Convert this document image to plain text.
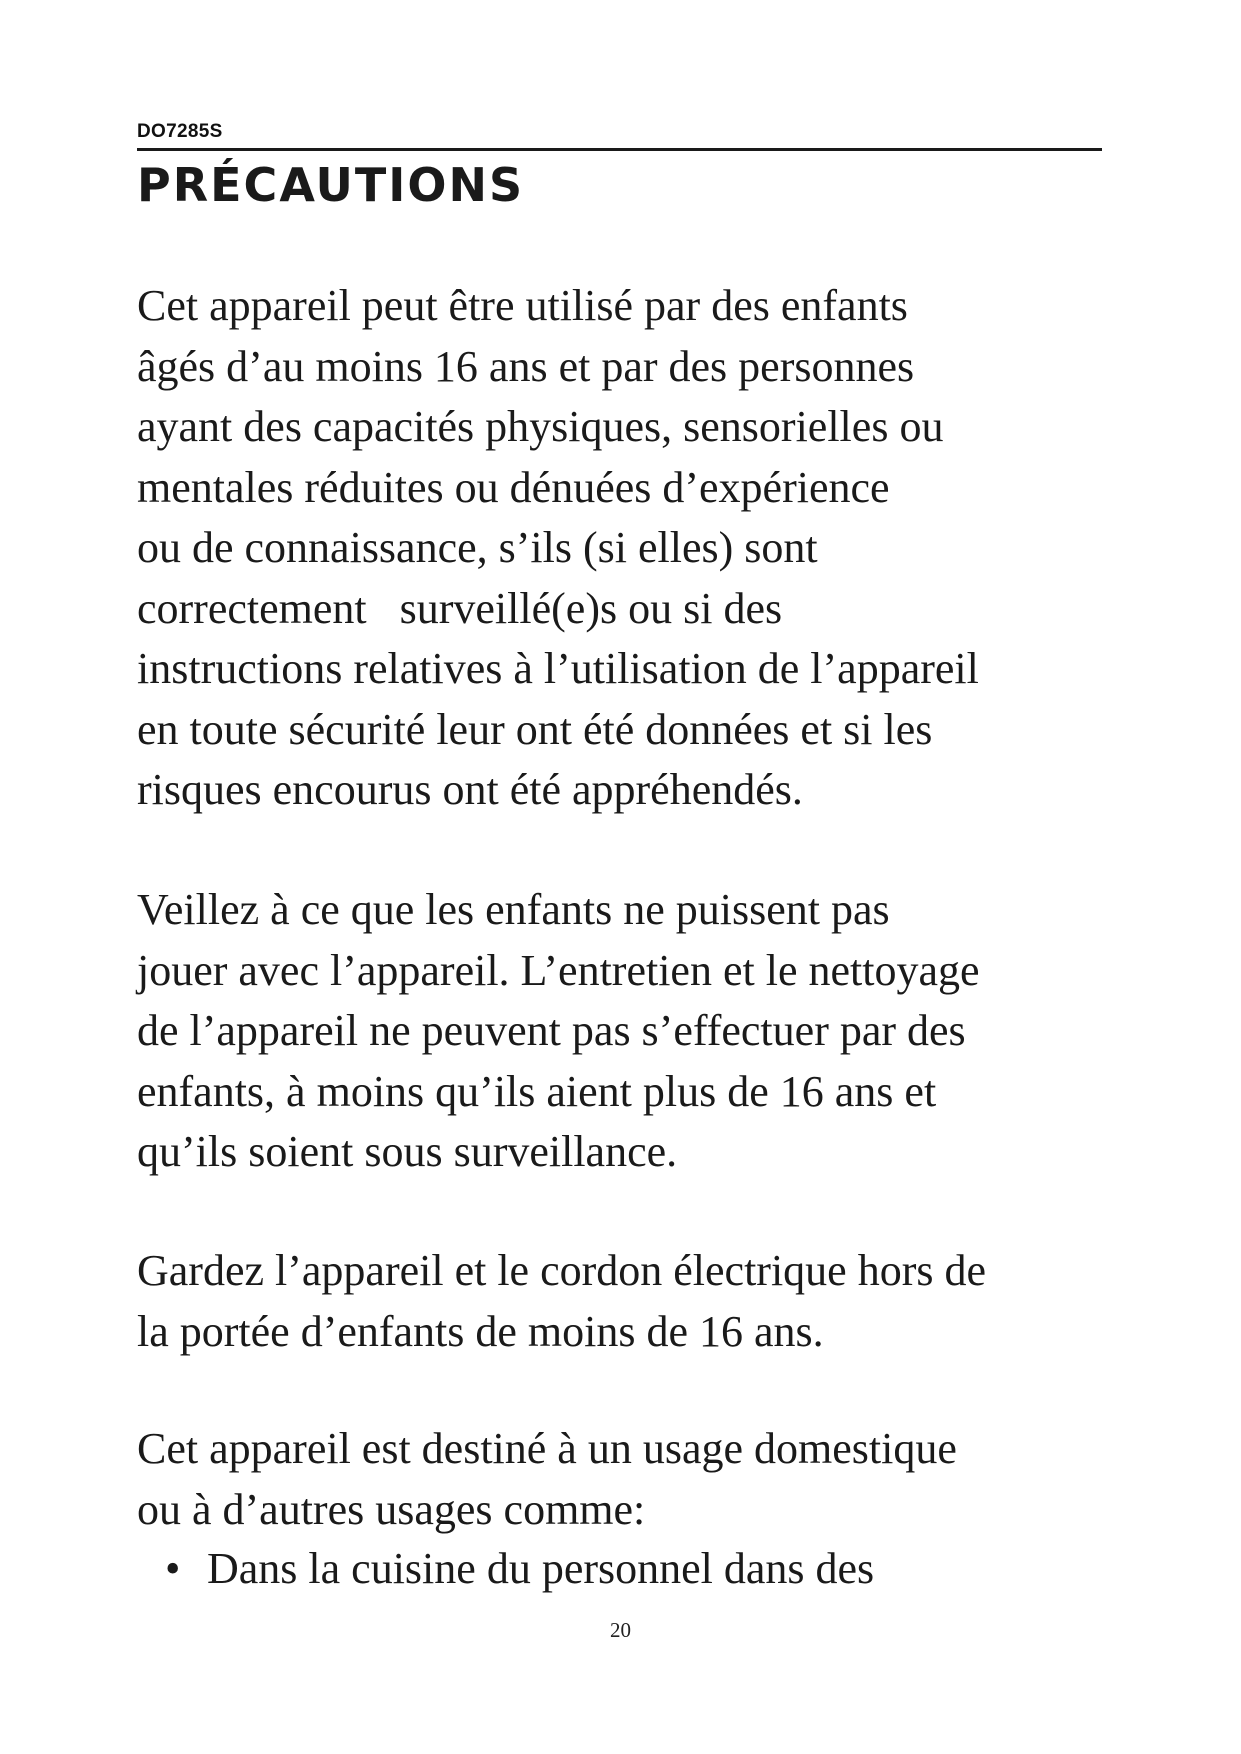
DO7285S
PRÉCAUTIONS

Cet appareil peut être utilisé par des enfants
âgés d’au moins 16 ans et par des personnes
ayant des capacités physiques, sensorielles ou
mentales réduites ou dénuées d’expérience
ou de connaissance, s’ils (si elles) sont
correctement   surveillé(e)s ou si des
instructions relatives à l’utilisation de l’appareil
en toute sécurité leur ont été données et si les
risques encourus ont été appréhendés.

Veillez à ce que les enfants ne puissent pas
jouer avec l’appareil. L’entretien et le nettoyage
de l’appareil ne peuvent pas s’effectuer par des
enfants, à moins qu’ils aient plus de 16 ans et
qu’ils soient sous surveillance.

Gardez l’appareil et le cordon électrique hors de
la portée d’enfants de moins de 16 ans.

Cet appareil est destiné à un usage domestique
ou à d’autres usages comme:

• Dans la cuisine du personnel dans des
20
